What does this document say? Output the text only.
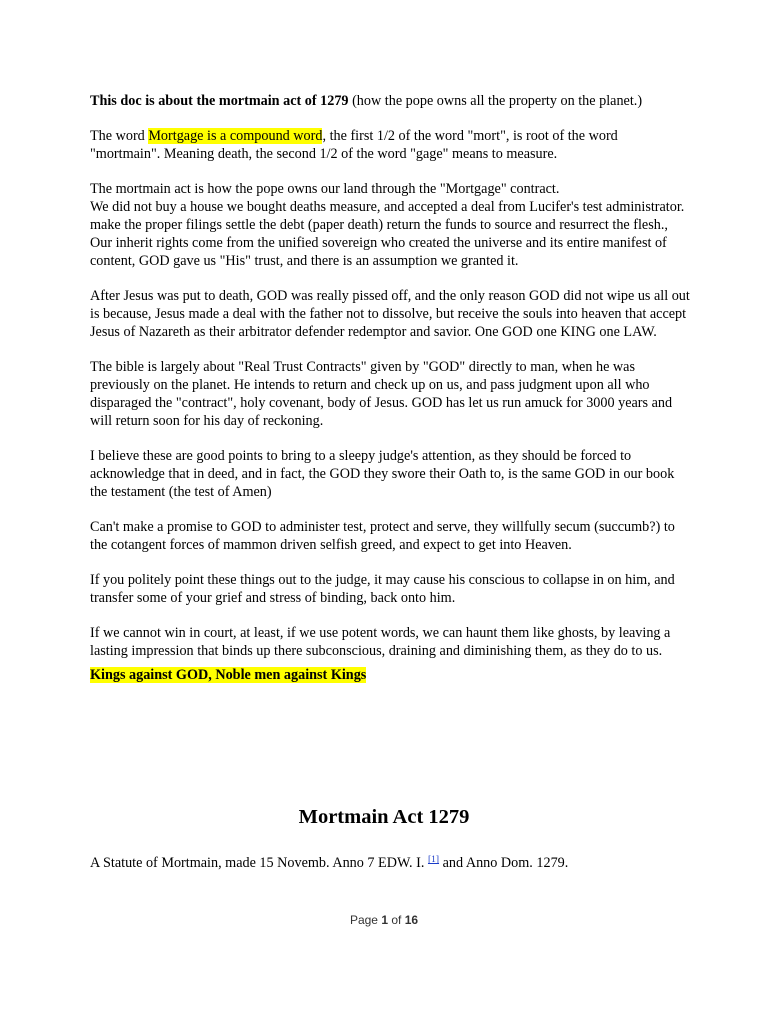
This doc is about the mortmain act of 1279 (how the pope owns all the property on the planet.)

The word Mortgage is a compound word, the first 1/2 of the word "mort", is root of the word "mortmain". Meaning death, the second 1/2 of the word "gage" means to measure.

The mortmain act is how the pope owns our land through the "Mortgage" contract.
We did not buy a house we bought deaths measure, and accepted a deal from Lucifer's test administrator. make the proper filings settle the debt (paper death) return the funds to source and resurrect the flesh., Our inherit rights come from the unified sovereign who created the universe and its entire manifest of content, GOD gave us "His" trust, and there is an assumption we granted it.

After Jesus was put to death, GOD was really pissed off, and the only reason GOD did not wipe us all out is because, Jesus made a deal with the father not to dissolve, but receive the souls into heaven that accept Jesus of Nazareth as their arbitrator defender redemptor and savior. One GOD one KING one LAW.

The bible is largely about "Real Trust Contracts" given by "GOD" directly to man, when he was previously on the planet. He intends to return and check up on us, and pass judgment upon all who disparaged the "contract", holy covenant, body of Jesus. GOD has let us run amuck for 3000 years and will return soon for his day of reckoning.

I believe these are good points to bring to a sleepy judge's attention, as they should be forced to acknowledge that in deed, and in fact, the GOD they swore their Oath to, is the same GOD in our book the testament (the test of Amen)

Can't make a promise to GOD to administer test, protect and serve, they willfully secum (succumb?) to the cotangent forces of mammon driven selfish greed, and expect to get into Heaven.

If you politely point these things out to the judge, it may cause his conscious to collapse in on him, and transfer some of your grief and stress of binding, back onto him.

If we cannot win in court, at least, if we use potent words, we can haunt them like ghosts, by leaving a lasting impression that binds up there subconscious, draining and diminishing them, as they do to us.

Kings against GOD, Noble men against Kings

Mortmain Act 1279

A Statute of Mortmain, made 15 Novemb. Anno 7 EDW. I. [1] and Anno Dom. 1279.

Page 1 of 16
